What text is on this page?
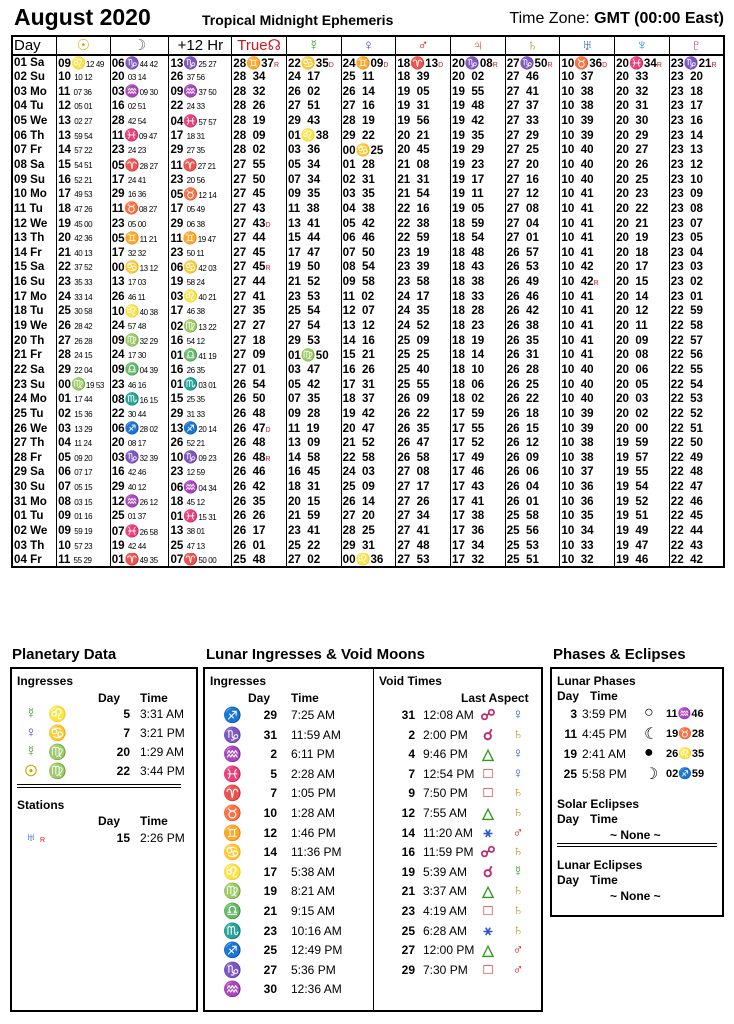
August 2020	Tropical Midnight Ephemeris	Time Zone: GMT (00:00 East)
Day	☉	☽	+12 Hr	True☊	☿	♀	♂	♃	♄	♅	♆	♇
01 Sa	09♌12 49	06♑44 42	13♑25 27	28♊37R	22♋35D	24♊09D	18♈13D	20♑08R	27♑50R	10♉36D	20♓34R	23♑21R
02 Su	10 10 12	20 03 14	26 37 56	28  34	24  17	25  11	18  39	20  02	27  46	10  37	20  33	23  20
03 Mo	11 07 36	03♒09 30	09♒37 50	28  32	26  02	26  14	19  05	19  55	27  41	10  38	20  32	23  18
04 Tu	12 05 01	16 02 51	22 24 33	28  26	27  51	27  16	19  31	19  48	27  37	10  38	20  31	23  17
05 We	13 02 27	28 42 54	04♓57 57	28  19	29  43	28  19	19  56	19  42	27  33	10  39	20  30	23  16
06 Th	13 59 54	11♓09 47	17 18 31	28  09	01♌38	29  22	20  21	19  35	27  29	10  39	20  29	23  14
07 Fr	14 57 22	23 24 23	29 27 35	28  02	03  36	00♋25	20  45	19  29	27  25	10  40	20  27	23  13
08 Sa	15 54 51	05♈28 27	11♈27 21	27  55	05  34	01  28	21  08	19  23	27  20	10  40	20  26	23  12
09 Su	16 52 21	17 24 41	23 20 56	27  50	07  34	02  31	21  31	19  17	27  16	10  40	20  25	23  10
10 Mo	17 49 53	29 16 36	05♉12 14	27  45	09  35	03  35	21  54	19  11	27  12	10  41	20  23	23  09
11 Tu	18 47 26	11♉08 27	17 05 49	27  43	11  38	04  38	22  16	19  05	27  08	10  41	20  22	23  08
12 We	19 45 00	23 05 00	29 06 38	27  43D	13  41	05  42	22  38	18  59	27  04	10  41	20  21	23  07
13 Th	20 42 36	05♊11 21	11♊19 47	27  44	15  44	06  46	22  59	18  54	27  01	10  41	20  19	23  05
14 Fr	21 40 13	17 32 32	23 50 11	27  45	17  47	07  50	23  19	18  48	26  57	10  41	20  18	23  04
15 Sa	22 37 52	00♋13 12	06♋42 03	27  45R	19  50	08  54	23  39	18  43	26  53	10  42	20  17	23  03
16 Su	23 35 33	13 17 03	19 58 24	27  44	21  52	09  58	23  58	18  38	26  49	10  42R	20  15	23  02
17 Mo	24 33 14	26 46 11	03♌40 21	27  41	23  53	11  02	24  17	18  33	26  46	10  41	20  14	23  01
18 Tu	25 30 58	10♌40 38	17 46 38	27  35	25  54	12  07	24  35	18  28	26  42	10  41	20  12	22  59
19 We	26 28 42	24 57 48	02♍13 22	27  27	27  54	13  12	24  52	18  23	26  38	10  41	20  11	22  58
20 Th	27 26 28	09♍32 29	16 54 12	27  18	29  53	14  16	25  09	18  19	26  35	10  41	20  09	22  57
21 Fr	28 24 15	24 17 30	01♎41 19	27  09	01♍50	15  21	25  25	18  14	26  31	10  41	20  08	22  56
22 Sa	29 22 04	09♎04 39	16 26 35	27  01	03  47	16  26	25  40	18  10	26  28	10  40	20  06	22  55
23 Su	00♍19 53	23 46 16	01♏03 01	26  54	05  42	17  31	25  55	18  06	26  25	10  40	20  05	22  54
24 Mo	01 17 44	08♏16 15	15 25 35	26  50	07  35	18  37	26  09	18  02	26  22	10  40	20  03	22  53
25 Tu	02 15 36	22 30 44	29 31 33	26  48	09  28	19  42	26  22	17  59	26  18	10  39	20  02	22  52
26 We	03 13 29	06♐28 02	13♐20 14	26  47D	11  19	20  47	26  35	17  55	26  15	10  39	20  00	22  51
27 Th	04 11 24	20 08 17	26 52 21	26  48	13  09	21  52	26  47	17  52	26  12	10  38	19  59	22  50
28 Fr	05 09 20	03♑32 39	10♑09 23	26  48R	14  58	22  58	26  58	17  49	26  09	10  38	19  57	22  49
29 Sa	06 07 17	16 42 46	23 12 59	26  46	16  45	24  03	27  08	17  46	26  06	10  37	19  55	22  48
30 Su	07 05 15	29 40 12	06♒04 34	26  42	18  31	25  09	27  17	17  43	26  04	10  36	19  54	22  47
31 Mo	08 03 15	12♒26 12	18 45 12	26  35	20  15	26  14	27  26	17  41	26  01	10  36	19  52	22  46
01 Tu	09 01 16	25 01 37	01♓15 31	26  26	21  59	27  20	27  34	17  38	25  58	10  35	19  51	22  45
02 We	09 59 19	07♓26 58	13 38 01	26  17	23  41	28  25	27  41	17  36	25  56	10  34	19  49	22  44
03 Th	10 57 23	19 42 44	25 47 13	26  01	25  22	29  31	27  48	17  34	25  53	10  33	19  47	22  43
04 Fr	11 55 29	01♈49 35	07♈50 00	25  48	27  02	00♌36	27  53	17  32	25  51	10  32	19  46	22  42
Planetary Data
Ingresses
Day Time
☿ ♌	5 3:31 AM
♀ ♋	7 3:21 PM
☿ ♍	20 1:29 AM
☉ ♍	22 3:44 PM
Stations
Day Time
♅ R	15 2:26 PM
Lunar Ingresses & Void Moons
Ingresses
Day Time
Void Times
Last Aspect
♐	29 7:25 AM
♑	31 11:59 AM
♒	2 6:11 PM
♓	5 2:28 AM
♈	7 1:05 PM
♉	10 1:28 AM
♊	12 1:46 PM
♋	14 11:36 PM
♌	17 5:38 AM
♍	19 8:21 AM
♎	21 9:15 AM
♏	23 10:16 AM
♐	25 12:49 PM
♑	27 5:36 PM
♒	30 12:36 AM
31 12:08 AM ☍ ♀
2 2:00 PM ☌ ♄
4 9:46 PM △ ♀
7 12:54 PM □ ♀
9 7:50 PM □ ♄
12 7:55 AM △ ♄
14 11:20 AM ⚹	♂
16 11:59 PM ☍ ♄
19 5:39 AM ☌ ☿
21 3:37 AM △ ♄
23 4:19 AM □ ♄
25 6:28 AM ⚹	♄
27 12:00 PM △ ♂
29 7:30 PM □ ♂
Phases & Eclipses
Lunar Phases
Day Time
3 3:59 PM ○ 11♒46
11 4:45 PM ☾ 19♉28
19 2:41 AM ● 26♌35
25 5:58 PM ☽ 02♐59
Solar Eclipses
Day Time
~ None ~
Lunar Eclipses
Day Time
~ None ~
